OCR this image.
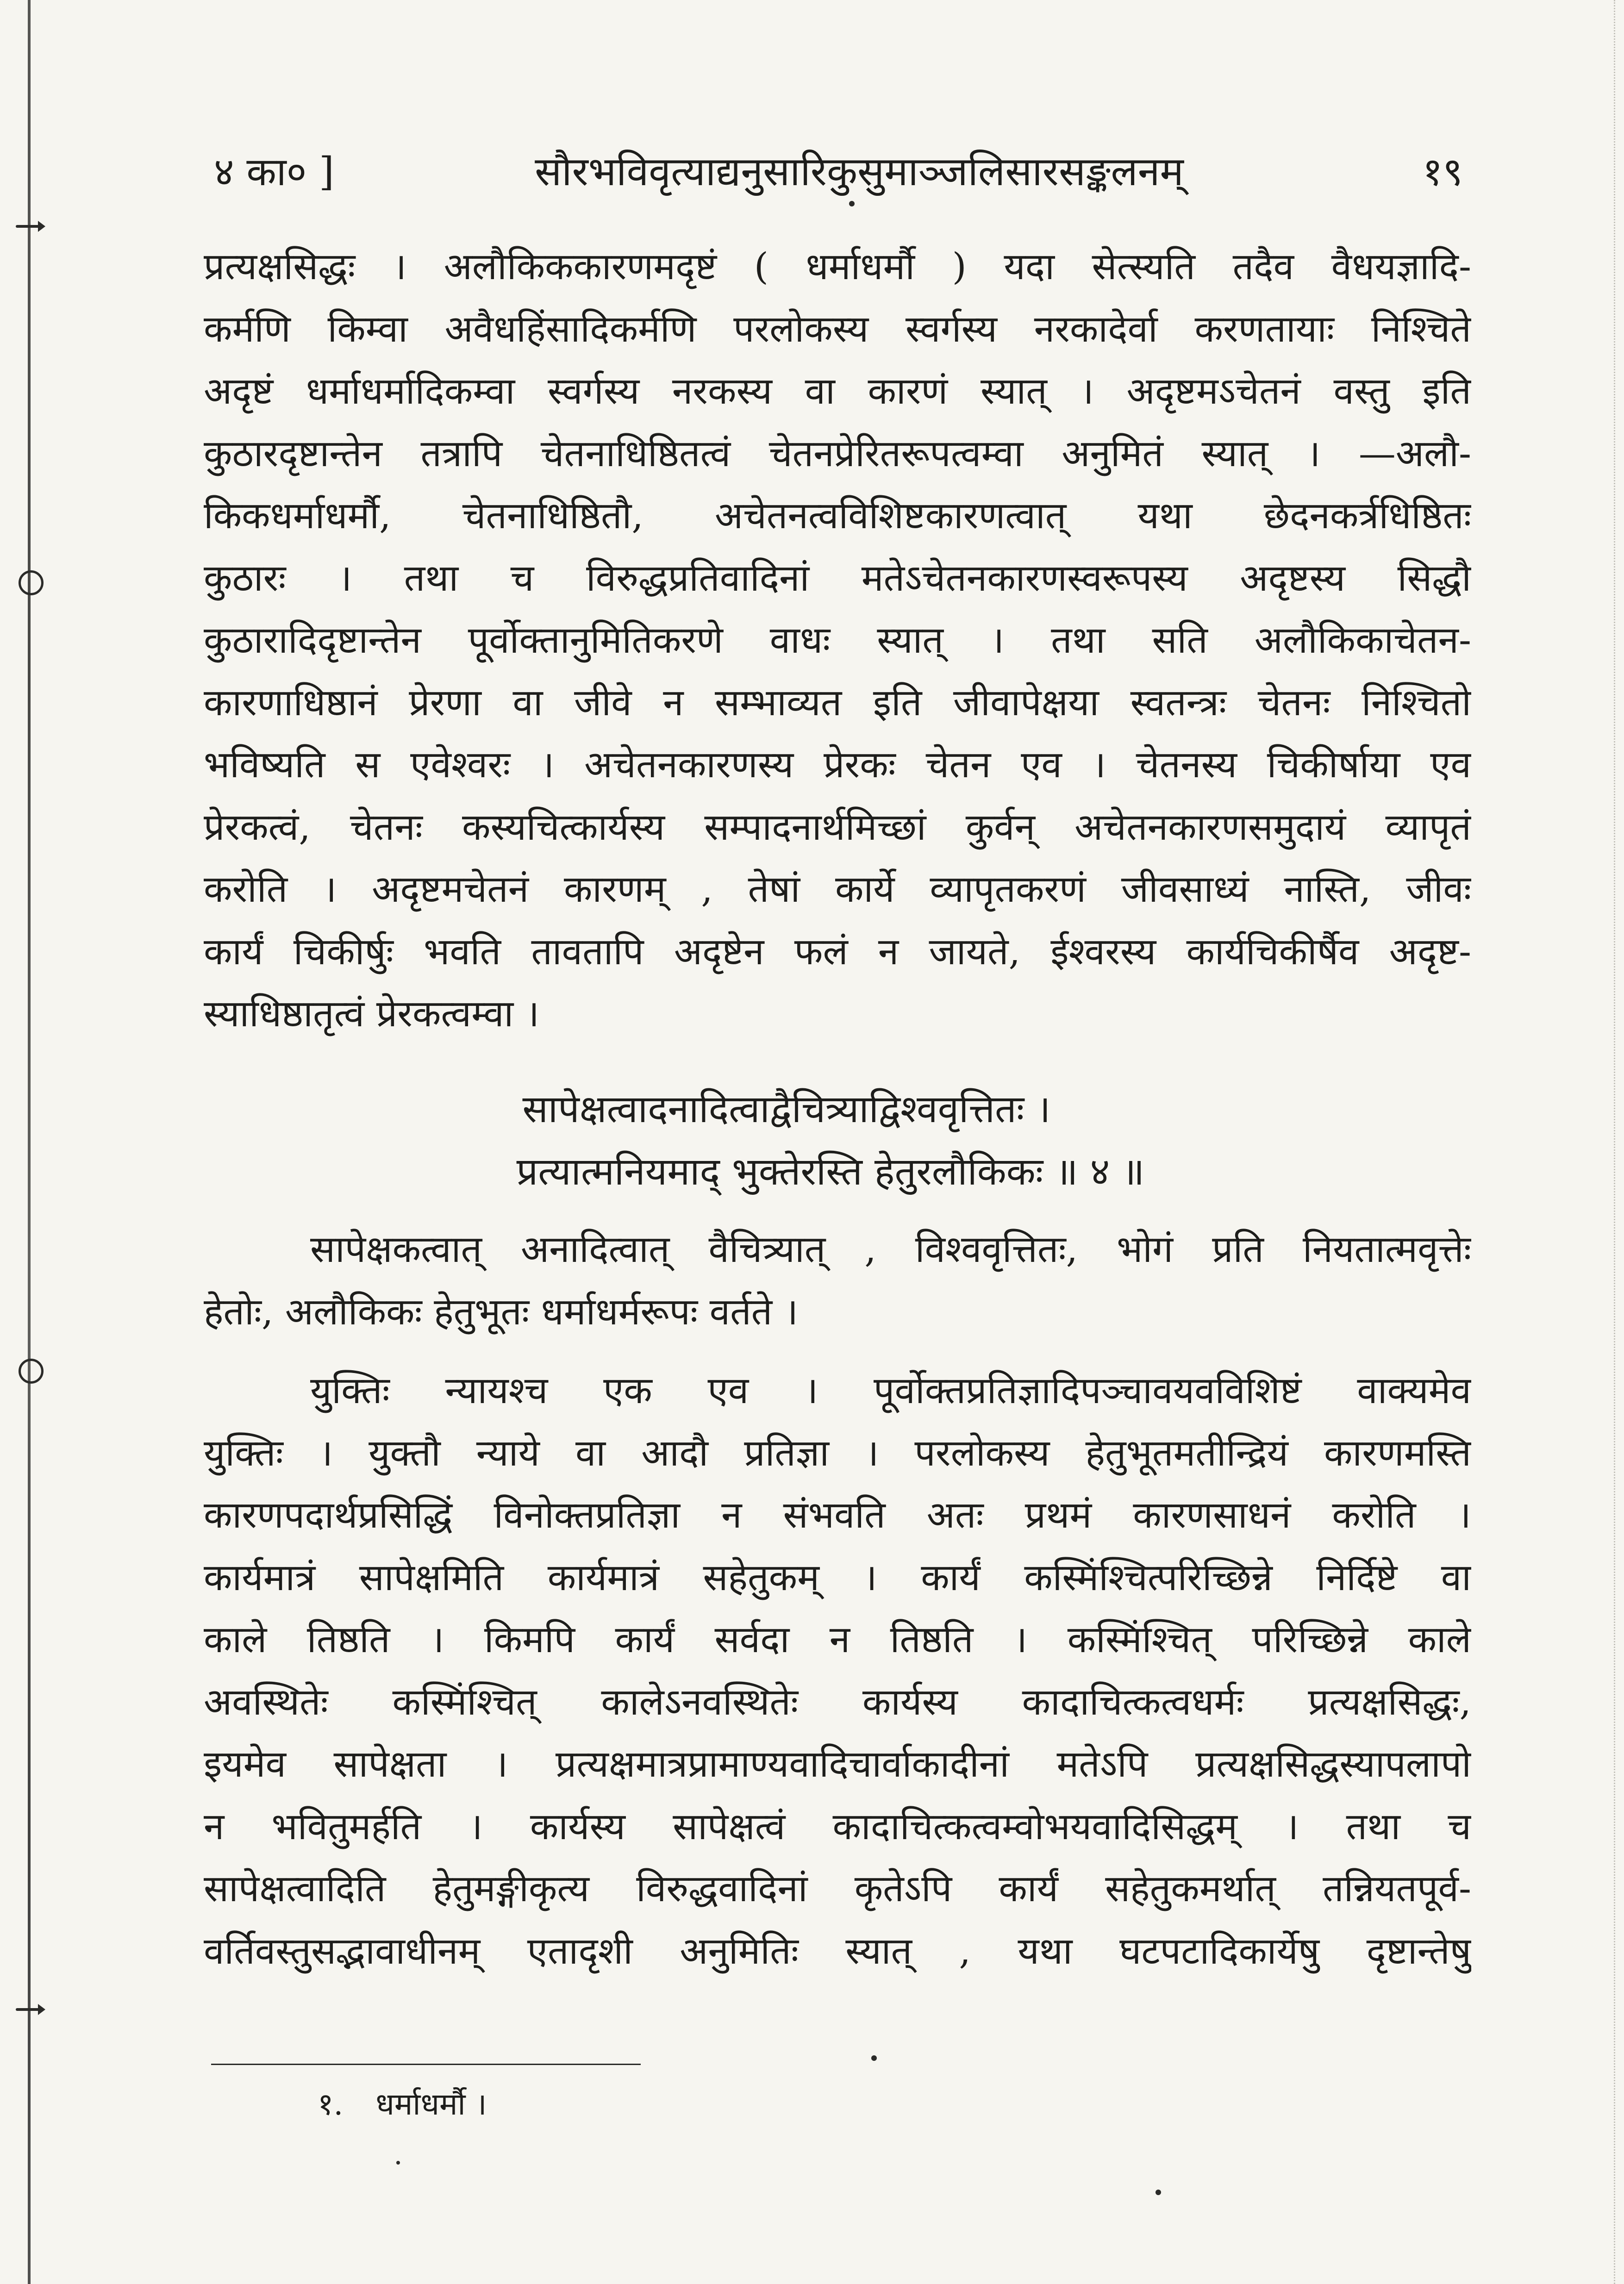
४ का० ]	सौरभविवृत्याद्यनुसारिकुसुमाञ्जलिसारसङ्कलनम्	१९
प्रत्यक्षसिद्धः । अलौकिककारणमदृष्टं ( धर्माधर्मौ ) यदा सेत्स्यति तदैव वैधयज्ञादि-
कर्मणि किम्वा अवैधहिंसादिकर्मणि परलोकस्य स्वर्गस्य नरकादेर्वा करणतायाः निश्चिते
अदृष्टं धर्माधर्मादिकम्वा स्वर्गस्य नरकस्य वा कारणं स्यात् । अदृष्टमऽचेतनं वस्तु इति
कुठारदृष्टान्तेन तत्रापि चेतनाधिष्ठितत्वं चेतनप्रेरितरूपत्वम्वा अनुमितं स्यात् । —अलौ-
किकधर्माधर्मौ, चेतनाधिष्ठितौ, अचेतनत्वविशिष्टकारणत्वात् यथा छेदनकर्त्रधिष्ठितः
कुठारः । तथा च विरुद्धप्रतिवादिनां मतेऽचेतनकारणस्वरूपस्य अदृष्टस्य सिद्धौ
कुठारादिदृष्टान्तेन पूर्वोक्तानुमितिकरणे वाधः स्यात् । तथा सति अलौकिकाचेतन-
कारणाधिष्ठानं प्रेरणा वा जीवे न सम्भाव्यत इति जीवापेक्षया स्वतन्त्रः चेतनः निश्चितो
भविष्यति स एवेश्वरः । अचेतनकारणस्य प्रेरकः चेतन एव । चेतनस्य चिकीर्षाया एव
प्रेरकत्वं, चेतनः कस्यचित्कार्यस्य सम्पादनार्थमिच्छां कुर्वन् अचेतनकारणसमुदायं व्यापृतं
करोति । अदृष्टमचेतनं कारणम् , तेषां कार्ये व्यापृतकरणं जीवसाध्यं नास्ति, जीवः
कार्यं चिकीर्षुः भवति तावतापि अदृष्टेन फलं न जायते, ईश्वरस्य कार्यचिकीर्षैव अदृष्ट-
स्याधिष्ठातृत्वं प्रेरकत्वम्वा ।
सापेक्षत्वादनादित्वाद्वैचित्र्याद्विश्ववृत्तितः ।
प्रत्यात्मनियमाद् भुक्तेरस्ति हेतुरलौकिकः ॥ ४ ॥
सापेक्षकत्वात् अनादित्वात् वैचित्र्यात् , विश्ववृत्तितः, भोगं प्रति नियतात्मवृत्तेः
हेतोः, अलौकिकः हेतुभूतः धर्माधर्मरूपः वर्तते ।
युक्तिः न्यायश्च एक एव । पूर्वोक्तप्रतिज्ञादिपञ्चावयवविशिष्टं वाक्यमेव
युक्तिः । युक्तौ न्याये वा आदौ प्रतिज्ञा । परलोकस्य हेतुभूतमतीन्द्रियं कारणमस्ति
कारणपदार्थप्रसिद्धिं विनोक्तप्रतिज्ञा न संभवति अतः प्रथमं कारणसाधनं करोति ।
कार्यमात्रं सापेक्षमिति कार्यमात्रं सहेतुकम् । कार्यं कस्मिंश्चित्परिच्छिन्ने निर्दिष्टे वा
काले तिष्ठति । किमपि कार्यं सर्वदा न तिष्ठति । कस्मिंश्चित् परिच्छिन्ने काले
अवस्थितेः कस्मिंश्चित् कालेऽनवस्थितेः कार्यस्य कादाचित्कत्वधर्मः प्रत्यक्षसिद्धः,
इयमेव सापेक्षता । प्रत्यक्षमात्रप्रामाण्यवादिचार्वाकादीनां मतेऽपि प्रत्यक्षसिद्धस्यापलापो
न भवितुमर्हति । कार्यस्य सापेक्षत्वं कादाचित्कत्वम्वोभयवादिसिद्धम् । तथा च
सापेक्षत्वादिति हेतुमङ्गीकृत्य विरुद्धवादिनां कृतेऽपि कार्यं सहेतुकमर्थात् तन्नियतपूर्व-
वर्तिवस्तुसद्भावाधीनम् एतादृशी अनुमितिः स्यात् , यथा घटपटादिकार्येषु दृष्टान्तेषु
१. धर्माधर्मौ ।
